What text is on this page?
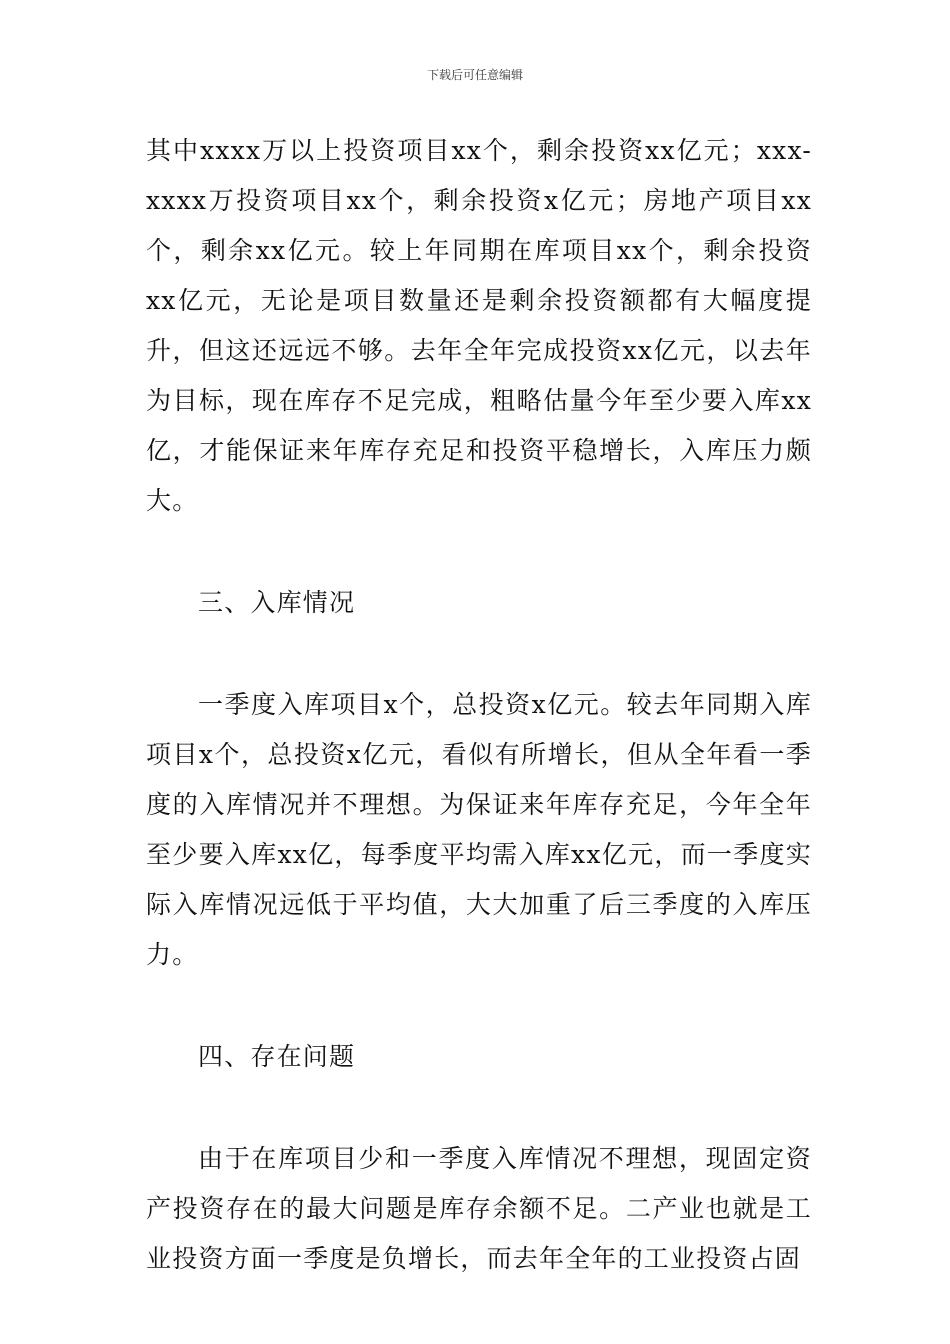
下载后可任意编辑

其中xxxx万以上投资项目xx个，剩余投资xx亿元；xxx-xxxx万投资项目xx个，剩余投资x亿元；房地产项目xx个，剩余xx亿元。较上年同期在库项目xx个，剩余投资xx亿元，无论是项目数量还是剩余投资额都有大幅度提升，但这还远远不够。去年全年完成投资xx亿元，以去年为目标，现在库存不足完成，粗略估量今年至少要入库xx亿，才能保证来年库存充足和投资平稳增长，入库压力颇大。

三、入库情况

一季度入库项目x个，总投资x亿元。较去年同期入库项目x个，总投资x亿元，看似有所增长，但从全年看一季度的入库情况并不理想。为保证来年库存充足，今年全年至少要入库xx亿，每季度平均需入库xx亿元，而一季度实际入库情况远低于平均值，大大加重了后三季度的入库压力。

四、存在问题

由于在库项目少和一季度入库情况不理想，现固定资产投资存在的最大问题是库存余额不足。二产业也就是工业投资方面一季度是负增长，而去年全年的工业投资占固
